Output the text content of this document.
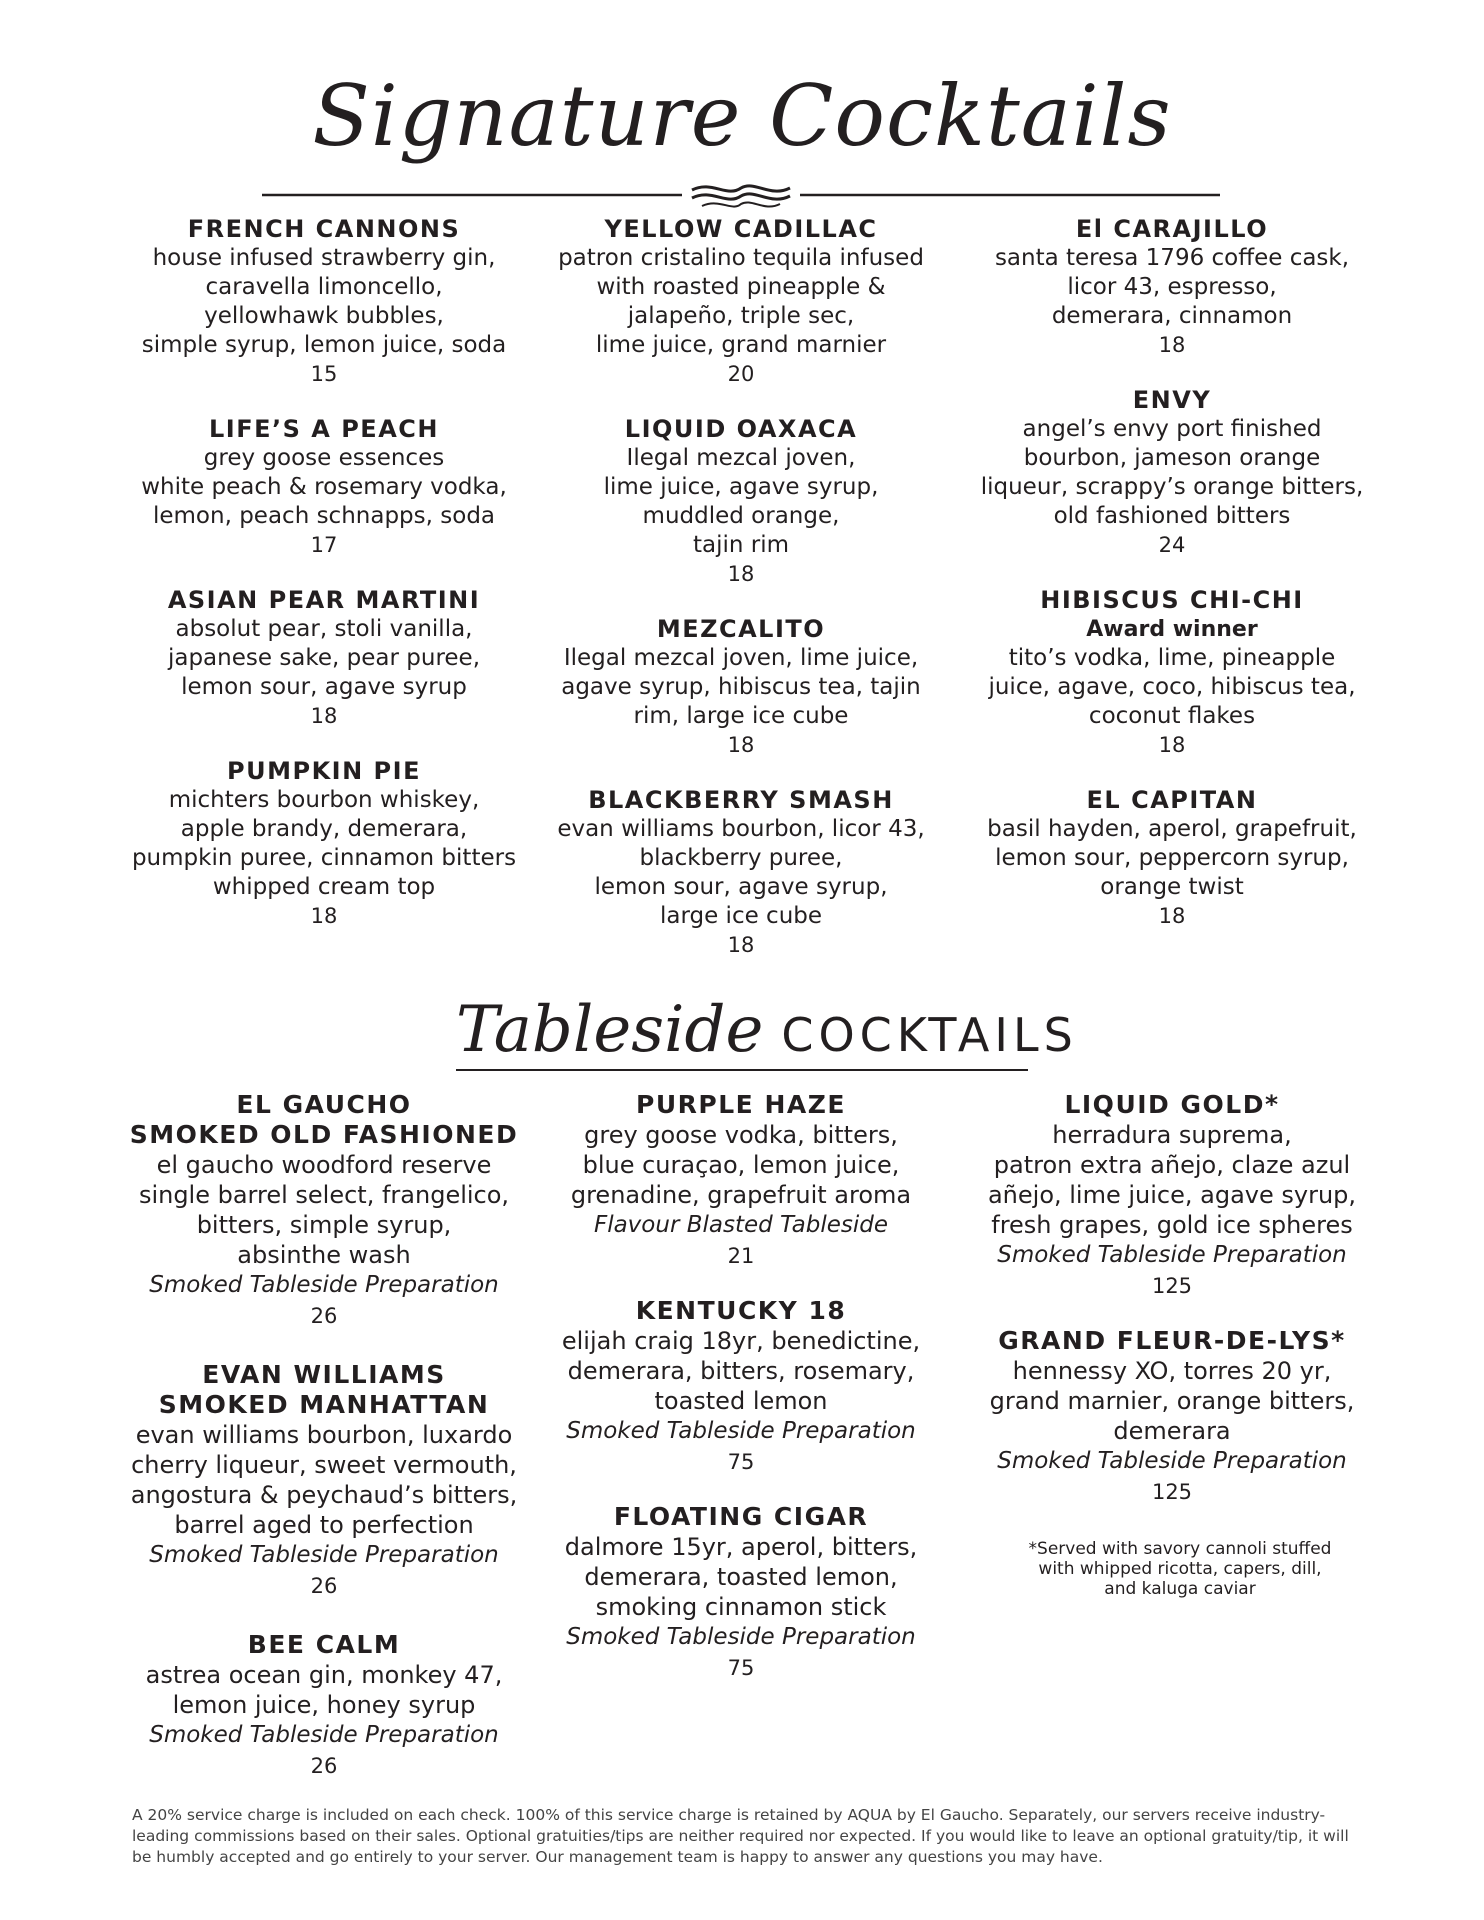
Signature Cocktails
FRENCH CANNONS
house infused strawberry gin,
caravella limoncello,
yellowhawk bubbles,
simple syrup, lemon juice, soda
15
LIFE’S A PEACH
grey goose essences
white peach & rosemary vodka,
lemon, peach schnapps, soda
17
ASIAN PEAR MARTINI
absolut pear, stoli vanilla,
japanese sake, pear puree,
lemon sour, agave syrup
18
PUMPKIN PIE
michters bourbon whiskey,
apple brandy, demerara,
pumpkin puree, cinnamon bitters
whipped cream top
18
YELLOW CADILLAC
patron cristalino tequila infused
with roasted pineapple &
jalapeño, triple sec,
lime juice, grand marnier
20
LIQUID OAXACA
Ilegal mezcal joven,
lime juice, agave syrup,
muddled orange,
tajin rim
18
MEZCALITO
Ilegal mezcal joven, lime juice,
agave syrup, hibiscus tea, tajin
rim, large ice cube
18
BLACKBERRY SMASH
evan williams bourbon, licor 43,
blackberry puree,
lemon sour, agave syrup,
large ice cube
18
El CARAJILLO
santa teresa 1796 coffee cask,
licor 43, espresso,
demerara, cinnamon
18
ENVY
angel’s envy port finished
bourbon, jameson orange
liqueur, scrappy’s orange bitters,
old fashioned bitters
24
HIBISCUS CHI-CHI
Award winner
tito’s vodka, lime, pineapple
juice, agave, coco, hibiscus tea,
coconut flakes
18
EL CAPITAN
basil hayden, aperol, grapefruit,
lemon sour, peppercorn syrup,
orange twist
18
Tableside COCKTAILS
EL GAUCHO
SMOKED OLD FASHIONED
el gaucho woodford reserve
single barrel select, frangelico,
bitters, simple syrup,
absinthe wash
Smoked Tableside Preparation
26
EVAN WILLIAMS
SMOKED MANHATTAN
evan williams bourbon, luxardo
cherry liqueur, sweet vermouth,
angostura & peychaud’s bitters,
barrel aged to perfection
Smoked Tableside Preparation
26
BEE CALM
astrea ocean gin, monkey 47,
lemon juice, honey syrup
Smoked Tableside Preparation
26
PURPLE HAZE
grey goose vodka, bitters,
blue curaçao, lemon juice,
grenadine, grapefruit aroma
Flavour Blasted Tableside
21
KENTUCKY 18
elijah craig 18yr, benedictine,
demerara, bitters, rosemary,
toasted lemon
Smoked Tableside Preparation
75
FLOATING CIGAR
dalmore 15yr, aperol, bitters,
demerara, toasted lemon,
smoking cinnamon stick
Smoked Tableside Preparation
75
LIQUID GOLD*
herradura suprema,
patron extra añejo, claze azul
añejo, lime juice, agave syrup,
fresh grapes, gold ice spheres
Smoked Tableside Preparation
125
GRAND FLEUR-DE-LYS*
hennessy XO, torres 20 yr,
grand marnier, orange bitters,
demerara
Smoked Tableside Preparation
125
*Served with savory cannoli stuffed
with whipped ricotta, capers, dill,
and kaluga caviar
A 20% service charge is included on each check. 100% of this service charge is retained by AQUA by El Gaucho. Separately, our servers receive industry-leading commissions based on their sales. Optional gratuities/tips are neither required nor expected. If you would like to leave an optional gratuity/tip, it will be humbly accepted and go entirely to your server. Our management team is happy to answer any questions you may have.
